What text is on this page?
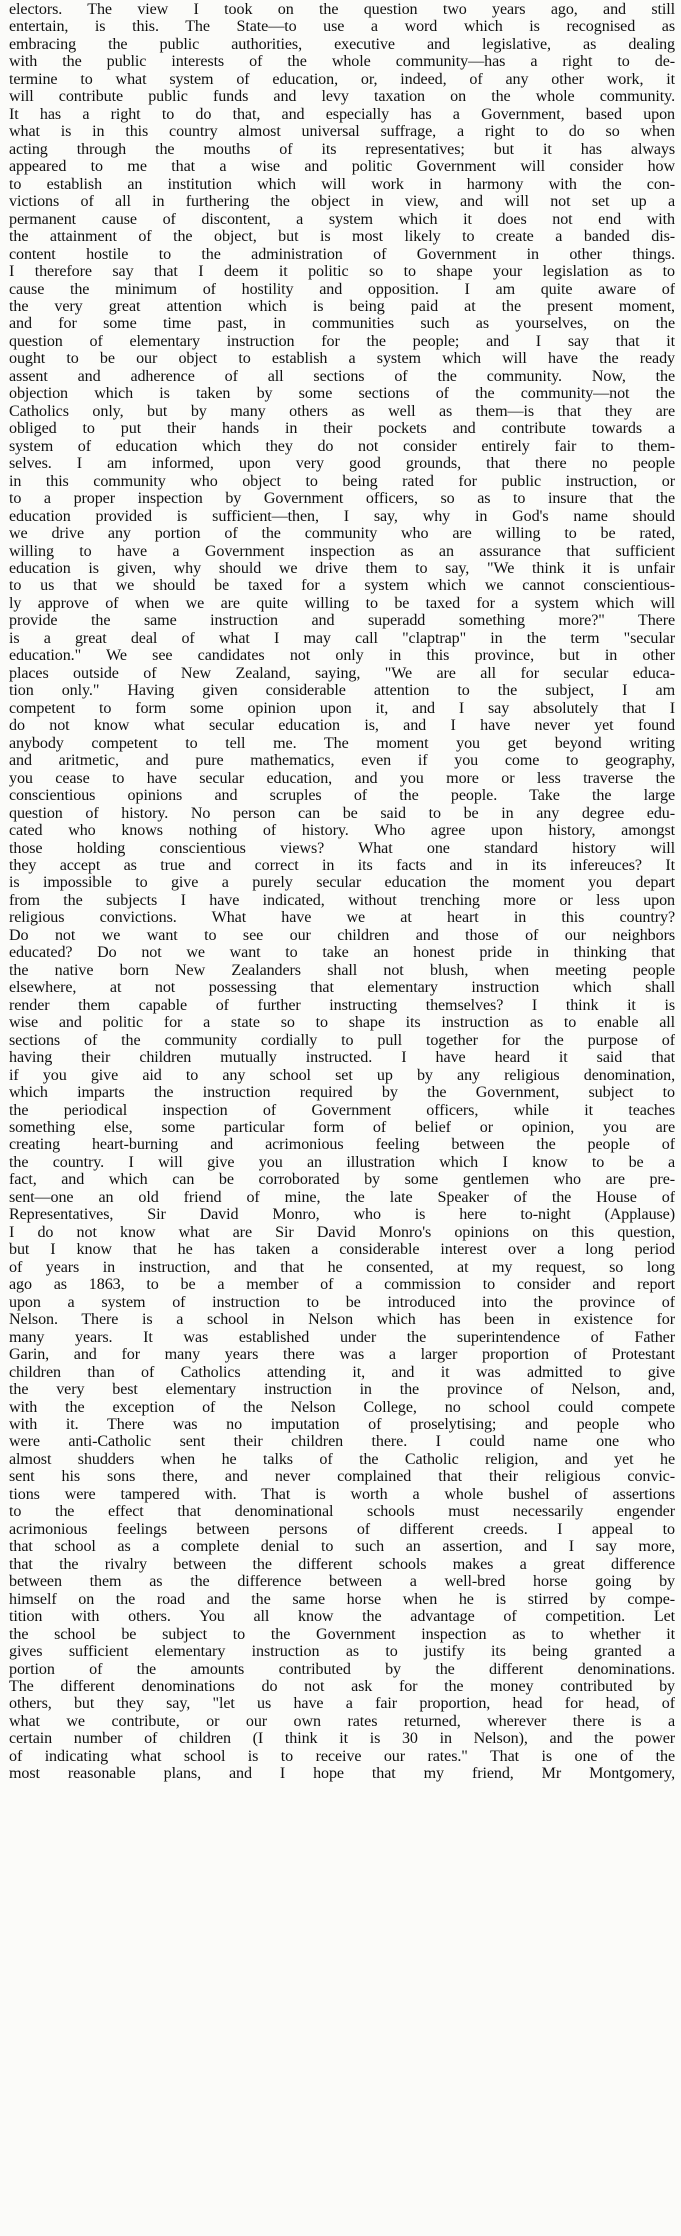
electors. The view I took on the question two years ago, and still
entertain, is this. The State—to use a word which is recognised as
embracing the public authorities, executive and legislative, as dealing
with the public interests of the whole community—has a right to de-
termine to what system of education, or, indeed, of any other work, it
will contribute public funds and levy taxation on the whole community.
It has a right to do that, and especially has a Government, based upon
what is in this country almost universal suffrage, a right to do so when
acting through the mouths of its representatives; but it has always
appeared to me that a wise and politic Government will consider how
to establish an institution which will work in harmony with the con-
victions of all in furthering the object in view, and will not set up a
permanent cause of discontent, a system which it does not end with
the attainment of the object, but is most likely to create a banded dis-
content hostile to the administration of Government in other things.
I therefore say that I deem it politic so to shape your legislation as to
cause the minimum of hostility and opposition. I am quite aware of
the very great attention which is being paid at the present moment,
and for some time past, in communities such as yourselves, on the
question of elementary instruction for the people; and I say that it
ought to be our object to establish a system which will have the ready
assent and adherence of all sections of the community. Now, the
objection which is taken by some sections of the community—not the
Catholics only, but by many others as well as them—is that they are
obliged to put their hands in their pockets and contribute towards a
system of education which they do not consider entirely fair to them-
selves. I am informed, upon very good grounds, that there no people
in this community who object to being rated for public instruction, or
to a proper inspection by Government officers, so as to insure that the
education provided is sufficient—then, I say, why in God's name should
we drive any portion of the community who are willing to be rated,
willing to have a Government inspection as an assurance that sufficient
education is given, why should we drive them to say, "We think it is unfair
to us that we should be taxed for a system which we cannot conscientious-
ly approve of when we are quite willing to be taxed for a system which will
provide the same instruction and superadd something more?" There
is a great deal of what I may call "claptrap" in the term "secular
education." We see candidates not only in this province, but in other
places outside of New Zealand, saying, "We are all for secular educa-
tion only." Having given considerable attention to the subject, I am
competent to form some opinion upon it, and I say absolutely that I
do not know what secular education is, and I have never yet found
anybody competent to tell me. The moment you get beyond writing
and aritmetic, and pure mathematics, even if you come to geography,
you cease to have secular education, and you more or less traverse the
conscientious opinions and scruples of the people. Take the large
question of history. No person can be said to be in any degree edu-
cated who knows nothing of history. Who agree upon history, amongst
those holding conscientious views? What one standard history will
they accept as true and correct in its facts and in its infereuces? It
is impossible to give a purely secular education the moment you depart
from the subjects I have indicated, without trenching more or less upon
religious convictions. What have we at heart in this country?
Do not we want to see our children and those of our neighbors
educated? Do not we want to take an honest pride in thinking that
the native born New Zealanders shall not blush, when meeting people
elsewhere, at not possessing that elementary instruction which shall
render them capable of further instructing themselves? I think it is
wise and politic for a state so to shape its instruction as to enable all
sections of the community cordially to pull together for the purpose of
having their children mutually instructed. I have heard it said that
if you give aid to any school set up by any religious denomination,
which imparts the instruction required by the Government, subject to
the periodical inspection of Government officers, while it teaches
something else, some particular form of belief or opinion, you are
creating heart-burning and acrimonious feeling between the people of
the country. I will give you an illustration which I know to be a
fact, and which can be corroborated by some gentlemen who are pre-
sent—one an old friend of mine, the late Speaker of the House of
Representatives, Sir David Monro, who is here to-night (Applause)
I do not know what are Sir David Monro's opinions on this question,
but I know that he has taken a considerable interest over a long period
of years in instruction, and that he consented, at my request, so long
ago as 1863, to be a member of a commission to consider and report
upon a system of instruction to be introduced into the province of
Nelson. There is a school in Nelson which has been in existence for
many years. It was established under the superintendence of Father
Garin, and for many years there was a larger proportion of Protestant
children than of Catholics attending it, and it was admitted to give
the very best elementary instruction in the province of Nelson, and,
with the exception of the Nelson College, no school could compete
with it. There was no imputation of proselytising; and people who
were anti-Catholic sent their children there. I could name one who
almost shudders when he talks of the Catholic religion, and yet he
sent his sons there, and never complained that their religious convic-
tions were tampered with. That is worth a whole bushel of assertions
to the effect that denominational schools must necessarily engender
acrimonious feelings between persons of different creeds. I appeal to
that school as a complete denial to such an assertion, and I say more,
that the rivalry between the different schools makes a great difference
between them as the difference between a well-bred horse going by
himself on the road and the same horse when he is stirred by compe-
tition with others. You all know the advantage of competition. Let
the school be subject to the Government inspection as to whether it
gives sufficient elementary instruction as to justify its being granted a
portion of the amounts contributed by the different denominations.
The different denominations do not ask for the money contributed by
others, but they say, "let us have a fair proportion, head for head, of
what we contribute, or our own rates returned, wherever there is a
certain number of children (I think it is 30 in Nelson), and the power
of indicating what school is to receive our rates." That is one of the
most reasonable plans, and I hope that my friend, Mr Montgomery,
